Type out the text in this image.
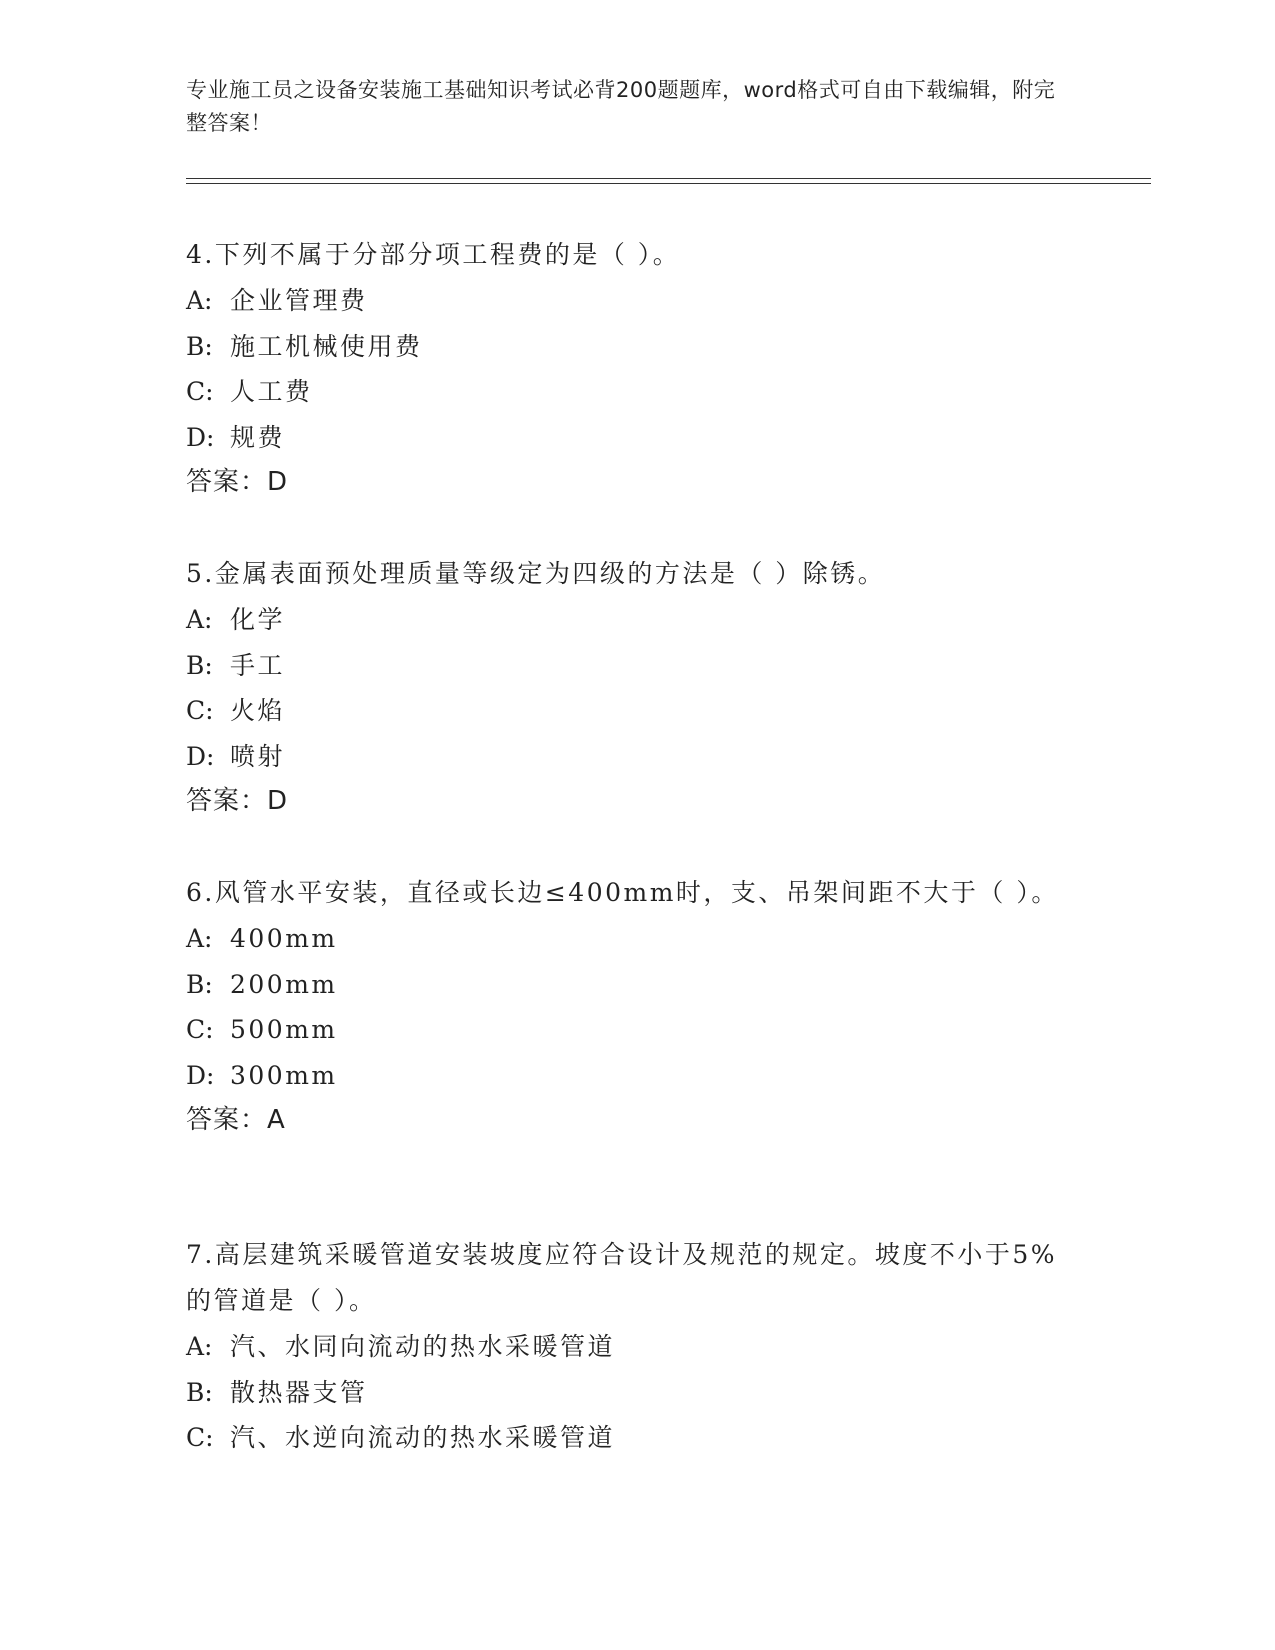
专业施工员之设备安装施工基础知识考试必背200题题库，word格式可自由下载编辑，附完整答案！

4.下列不属于分部分项工程费的是（ ）。

A: 企业管理费

B: 施工机械使用费

C: 人工费

D: 规费

答案：D

5.金属表面预处理质量等级定为四级的方法是（ ）除锈。

A: 化学

B: 手工

C: 火焰

D: 喷射

答案：D

6.风管水平安装，直径或长边≤400mm时，支、吊架间距不大于（ ）。

A: 400mm

B: 200mm

C: 500mm

D: 300mm

答案：A

7.高层建筑采暖管道安装坡度应符合设计及规范的规定。坡度不小于5%的管道是（ ）。

A: 汽、水同向流动的热水采暖管道

B: 散热器支管

C: 汽、水逆向流动的热水采暖管道
